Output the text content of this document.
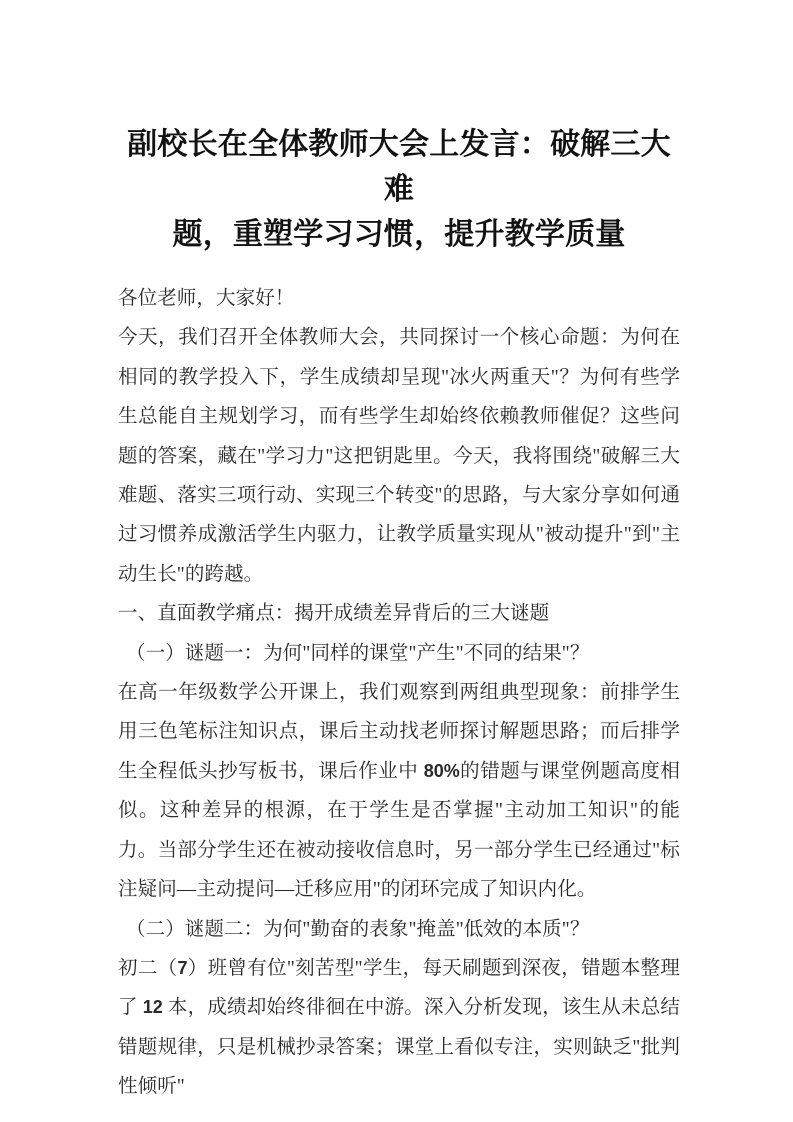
副校长在全体教师大会上发言：破解三大难
题，重塑学习习惯，提升教学质量

各位老师，大家好！

今天，我们召开全体教师大会，共同探讨一个核心命题：为何在相同的教学投入下，学生成绩却呈现"冰火两重天"？为何有些学生总能自主规划学习，而有些学生却始终依赖教师催促？这些问题的答案，藏在"学习力"这把钥匙里。今天，我将围绕"破解三大难题、落实三项行动、实现三个转变"的思路，与大家分享如何通过习惯养成激活学生内驱力，让教学质量实现从"被动提升"到"主动生长"的跨越。

一、直面教学痛点：揭开成绩差异背后的三大谜题

（一）谜题一：为何"同样的课堂"产生"不同的结果"？

在高一年级数学公开课上，我们观察到两组典型现象：前排学生用三色笔标注知识点，课后主动找老师探讨解题思路；而后排学生全程低头抄写板书，课后作业中 80%的错题与课堂例题高度相似。这种差异的根源，在于学生是否掌握"主动加工知识"的能力。当部分学生还在被动接收信息时，另一部分学生已经通过"标注疑问—主动提问—迁移应用"的闭环完成了知识内化。

（二）谜题二：为何"勤奋的表象"掩盖"低效的本质"？

初二（7）班曾有位"刻苦型"学生，每天刷题到深夜，错题本整理了 12 本，成绩却始终徘徊在中游。深入分析发现，该生从未总结错题规律，只是机械抄录答案；课堂上看似专注，实则缺乏"批判性倾听"
